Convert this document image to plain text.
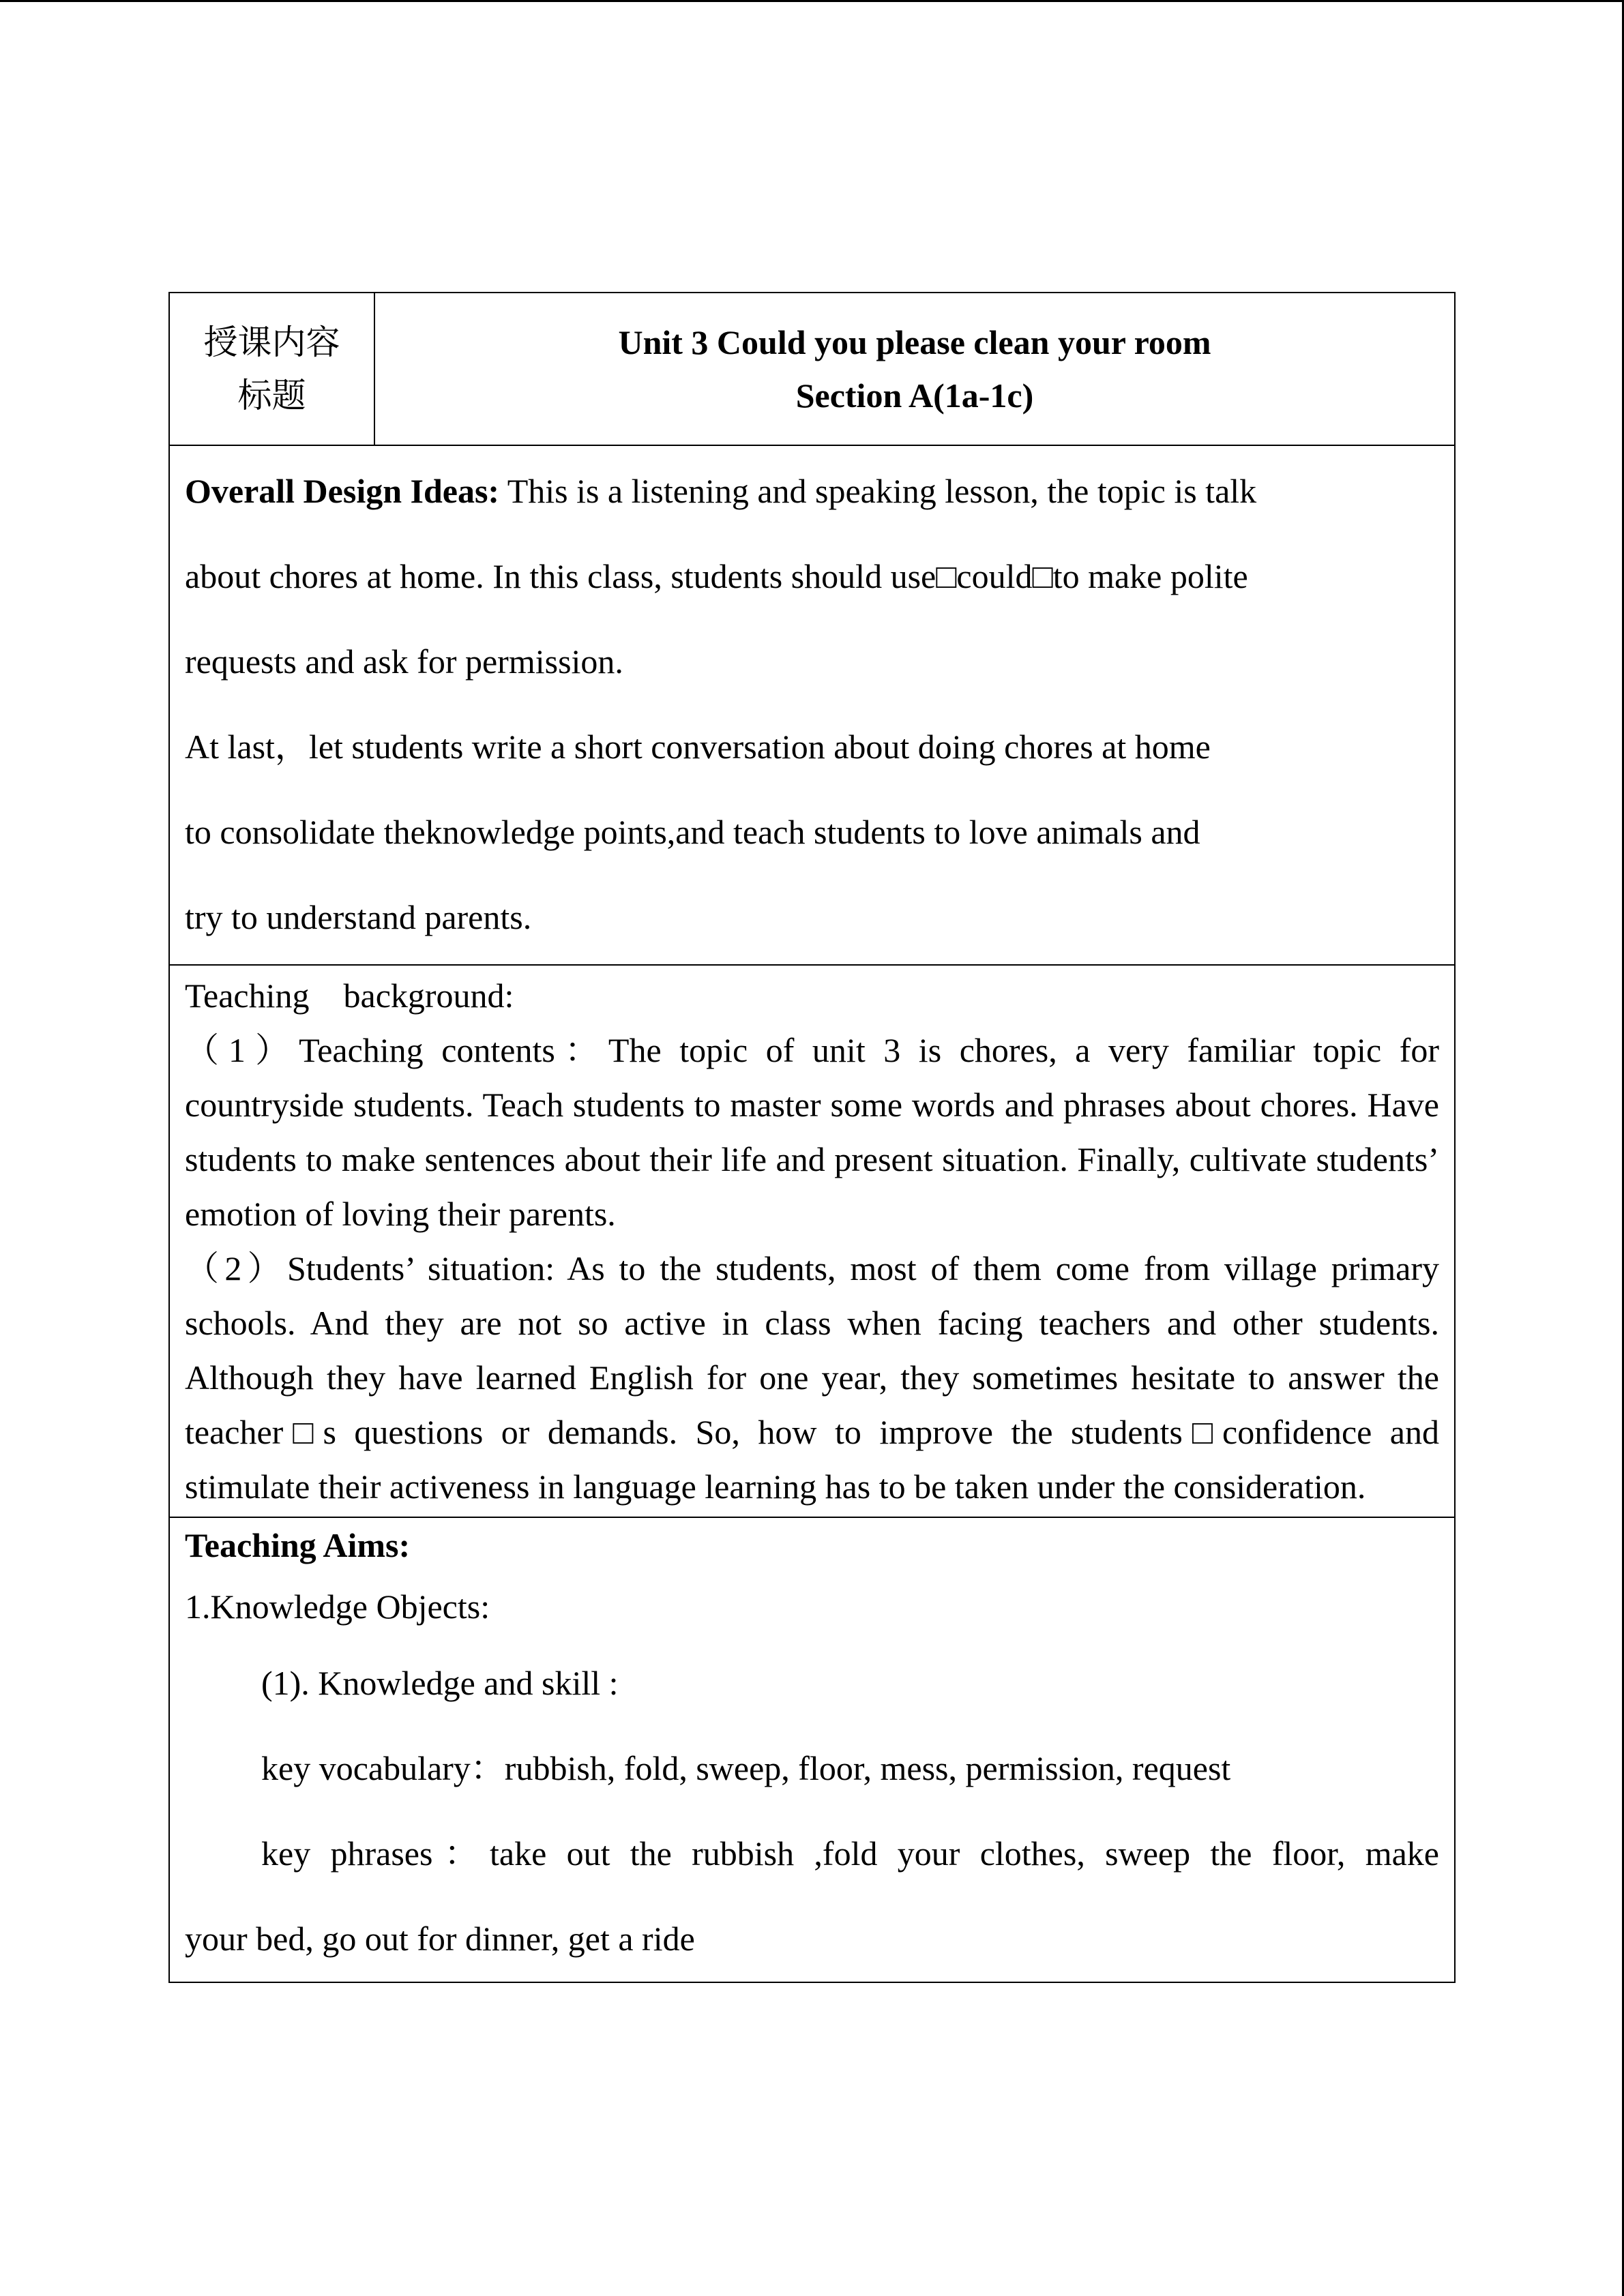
授课内容
标题

Unit 3 Could you please clean your room
Section A(1a-1c)

Overall Design Ideas: This is a listening and speaking lesson, the topic is talk

about chores at home. In this class, students should use□could□to make polite

requests and ask for permission.

At last，let students write a short conversation about doing chores at home

to consolidate theknowledge points,and teach students to love animals and

try to understand parents.

Teaching　background:

（1）Teaching contents：The topic of unit 3 is chores, a very familiar topic for countryside students. Teach students to master some words and phrases about chores. Have students to make sentences about their life and present situation. Finally, cultivate students’ emotion of loving their parents.

（2）Students’ situation: As to the students, most of them come from village primary schools. And they are not so active in class when facing teachers and other students. Although they have learned English for one year, they sometimes hesitate to answer the teacher□s questions or demands. So, how to improve the students□confidence and stimulate their activeness in language learning has to be taken under the consideration.

Teaching Aims:

1.Knowledge Objects:

(1). Knowledge and skill :

key vocabulary：rubbish, fold, sweep, floor, mess, permission, request

key phrases：take out the rubbish ,fold your clothes, sweep the floor, make

your bed, go out for dinner, get a ride
